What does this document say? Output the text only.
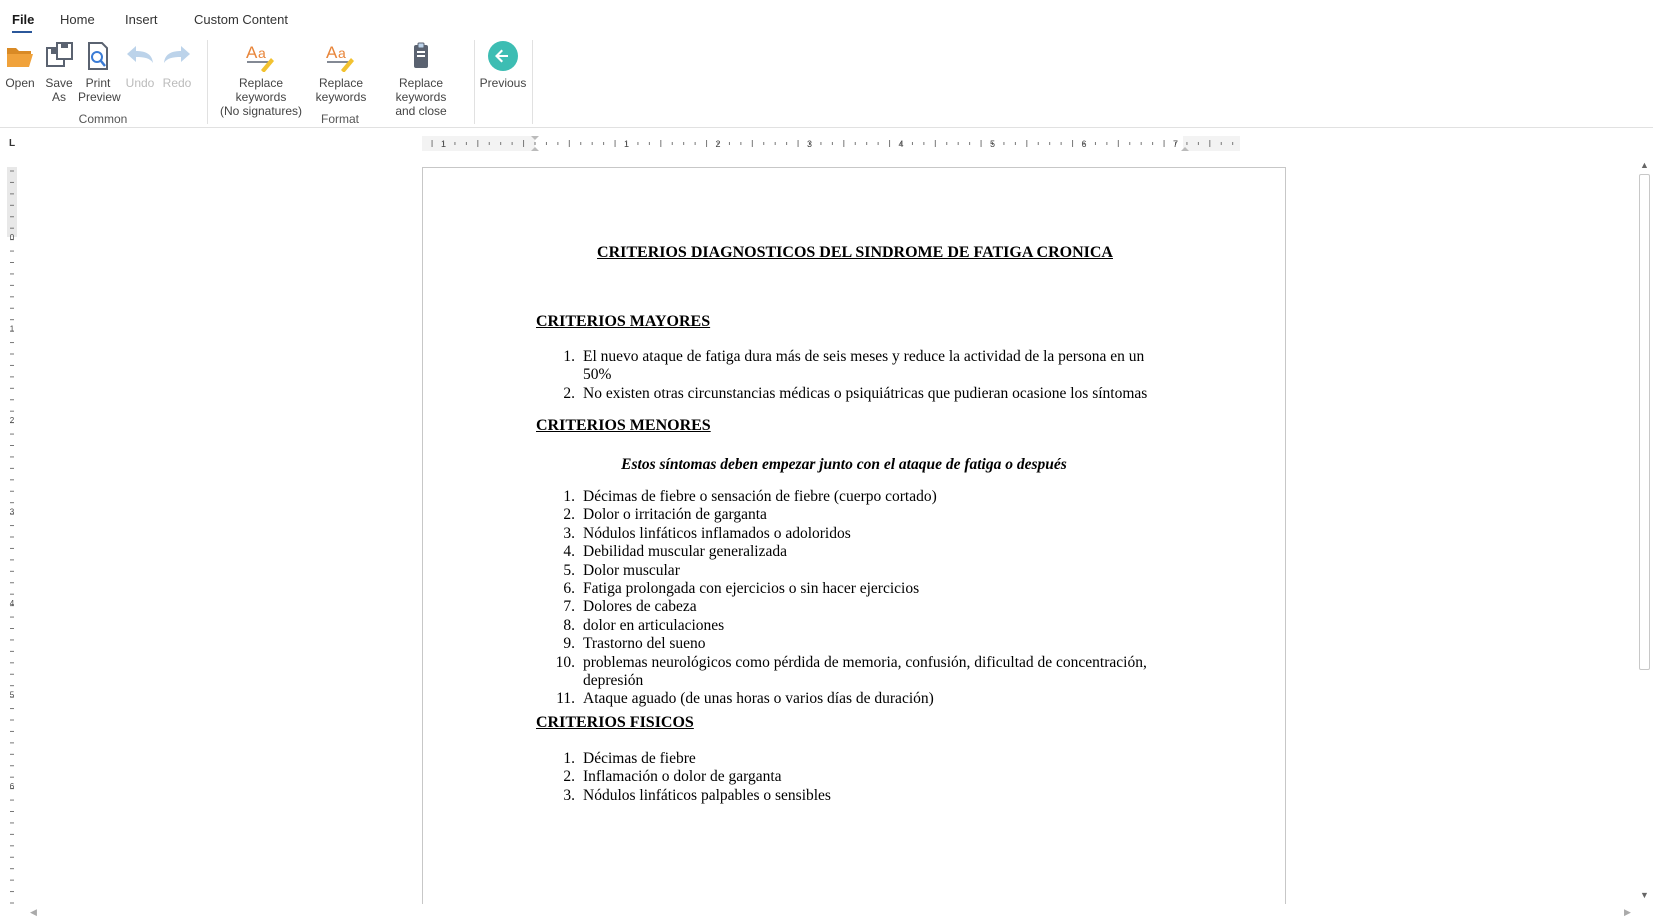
File Home Insert	Custom Content
Open Save
As
Print
Preview
Undo Redo
Common
A a
Replace keywords
(No signatures)
A a
Replace
keywords
Replace keywords
and close
Format
Previous
L	1	1	2	3	4	5	6	7
0
1
2
3
4
5
6
CRITERIOS DIAGNOSTICOS DEL SINDROME DE FATIGA CRONICA
CRITERIOS MAYORES
1. El nuevo ataque de fatiga dura más de seis meses y reduce la actividad de la persona en un 50%
2. No existen otras circunstancias médicas o psiquiátricas que pudieran ocasione los síntomas
CRITERIOS MENORES
Estos síntomas deben empezar junto con el ataque de fatiga o después
1. Décimas de fiebre o sensación de fiebre (cuerpo cortado)
2. Dolor o irritación de garganta
3. Nódulos linfáticos inflamados o adoloridos
4. Debilidad muscular generalizada
5. Dolor muscular
6. Fatiga prolongada con ejercicios o sin hacer ejercicios
7. Dolores de cabeza
8. dolor en articulaciones
9. Trastorno del sueno
10. problemas neurológicos como pérdida de memoria, confusión, dificultad de concentración, depresión
11. Ataque aguado (de unas horas o varios días de duración)
CRITERIOS FISICOS
1. Décimas de fiebre
2. Inflamación o dolor de garganta
3. Nódulos linfáticos palpables o sensibles
▲
▼
◀	▶
